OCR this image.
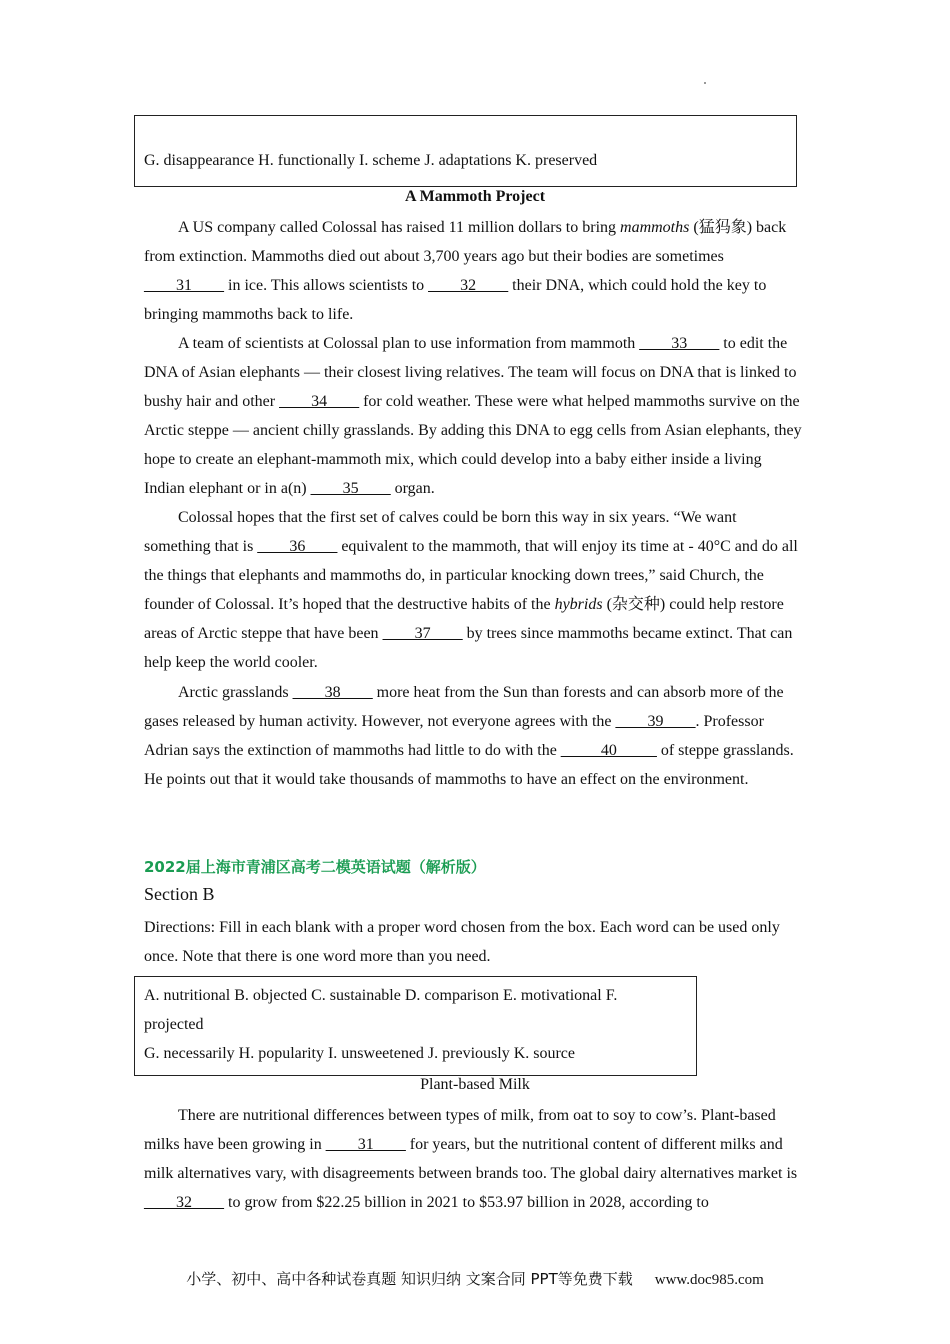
G. disappearance H. functionally I. scheme J. adaptations K. preserved
A Mammoth Project

A US company called Colossal has raised 11 million dollars to bring mammoths (猛犸象) back from extinction. Mammoths died out about 3,700 years ago but their bodies are sometimes ____31____ in ice. This allows scientists to ____32____ their DNA, which could hold the key to bringing mammoths back to life.

A team of scientists at Colossal plan to use information from mammoth ____33____ to edit the DNA of Asian elephants — their closest living relatives. The team will focus on DNA that is linked to bushy hair and other ____34____ for cold weather. These were what helped mammoths survive on the Arctic steppe — ancient chilly grasslands. By adding this DNA to egg cells from Asian elephants, they hope to create an elephant-mammoth mix, which could develop into a baby either inside a living Indian elephant or in a(n) ____35____ organ.

Colossal hopes that the first set of calves could be born this way in six years. “We want something that is ____36____ equivalent to the mammoth, that will enjoy its time at - 40°C and do all the things that elephants and mammoths do, in particular knocking down trees,” said Church, the founder of Colossal. It’s hoped that the destructive habits of the hybrids (杂交种) could help restore areas of Arctic steppe that have been ____37____ by trees since mammoths became extinct. That can help keep the world cooler.

Arctic grasslands ____38____ more heat from the Sun than forests and can absorb more of the gases released by human activity. However, not everyone agrees with the ____39____. Professor Adrian says the extinction of mammoths had little to do with the _____40_____ of steppe grasslands. He points out that it would take thousands of mammoths to have an effect on the environment.

2022届上海市青浦区高考二模英语试题（解析版）
Section B

Directions: Fill in each blank with a proper word chosen from the box. Each word can be used only once. Note that there is one word more than you need.

A. nutritional B. objected C. sustainable D. comparison E. motivational F. projected
G. necessarily H. popularity I. unsweetened J. previously K. source
Plant-based Milk

There are nutritional differences between types of milk, from oat to soy to cow’s. Plant-based milks have been growing in ____31____ for years, but the nutritional content of different milks and milk alternatives vary, with disagreements between brands too. The global dairy alternatives market is ____32____ to grow from $22.25 billion in 2021 to $53.97 billion in 2028, according to

小学、初中、高中各种试卷真题 知识归纳 文案合同 PPT等免费下载 www.doc985.com
